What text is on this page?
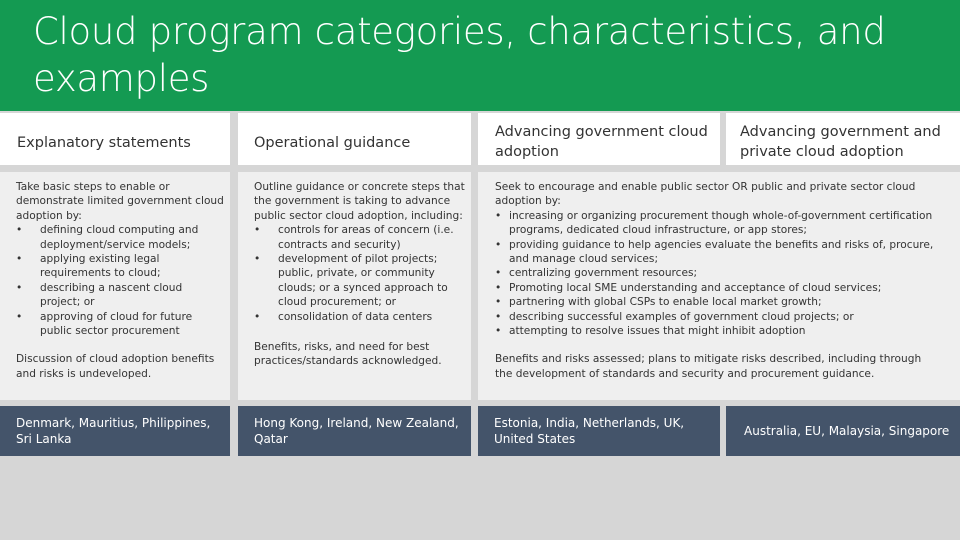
Cloud program categories, characteristics, and examples
Explanatory statements	Operational guidance
Advancing government cloud adoption
Advancing government and private cloud adoption

Take basic steps to enable or demonstrate limited government cloud adoption by:

• defining cloud computing and deployment/service models;
• applying existing legal requirements to cloud;
• describing a nascent cloud project; or
• approving of cloud for future public sector procurement

Discussion of cloud adoption benefits and risks is undeveloped.

Outline guidance or concrete steps that the government is taking to advance public sector cloud adoption, including:

• controls for areas of concern (i.e. contracts and security)
• development of pilot projects; public, private, or community clouds; or a synced approach to cloud procurement; or
• consolidation of data centers

Benefits, risks, and need for best practices/standards acknowledged.

Seek to encourage and enable public sector OR public and private sector cloud adoption by:

• increasing or organizing procurement though whole-of-government certification programs, dedicated cloud infrastructure, or app stores;
• providing guidance to help agencies evaluate the benefits and risks of, procure, and manage cloud services;
• centralizing government resources;
• Promoting local SME understanding and acceptance of cloud services;
• partnering with global CSPs to enable local market growth;
• describing successful examples of government cloud projects; or
• attempting to resolve issues that might inhibit adoption

Benefits and risks assessed; plans to mitigate risks described, including through the development of standards and security and procurement guidance.

Denmark, Mauritius, Philippines, Sri Lanka
Hong Kong, Ireland, New Zealand, Qatar
Estonia, India, Netherlands, UK, United States
Australia, EU, Malaysia, Singapore
